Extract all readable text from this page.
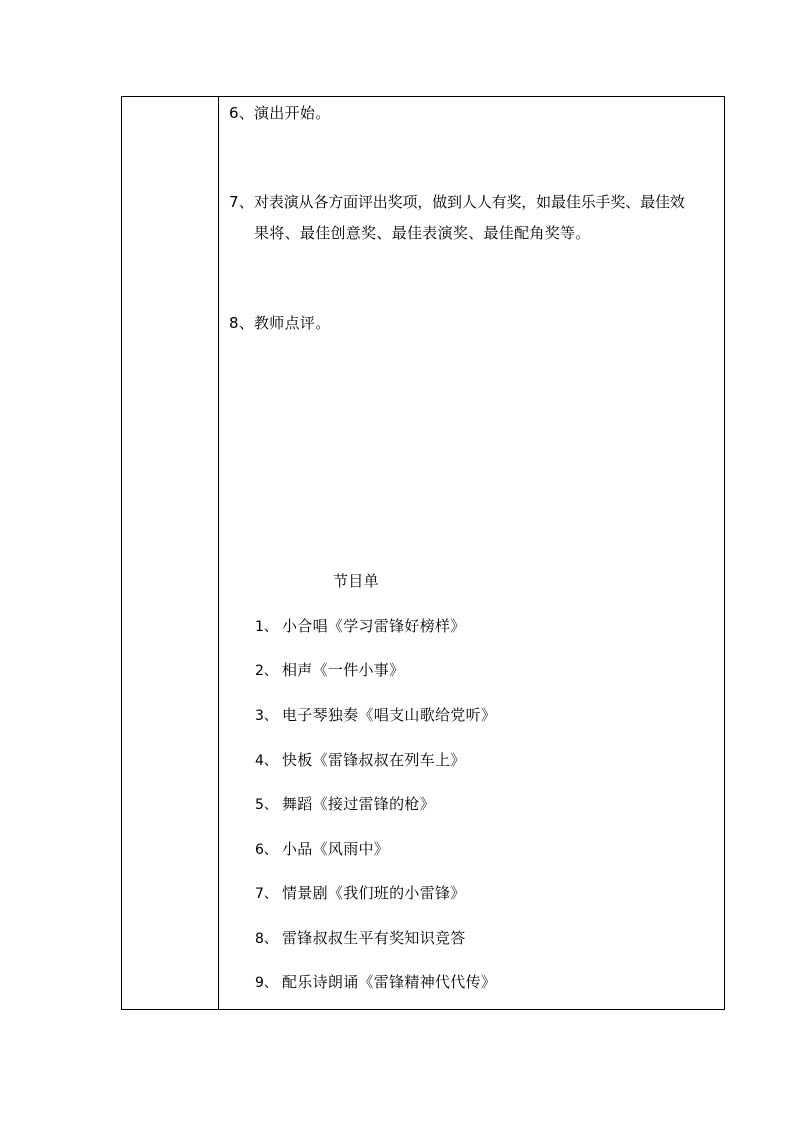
6、 演出开始。
7、 对表演从各方面评出奖项，做到人人有奖，如最佳乐手奖、最佳效
果将、最佳创意奖、最佳表演奖、最佳配角奖等。
8、 教师点评。
节目单
1、 小合唱《学习雷锋好榜样》
2、 相声《一件小事》
3、 电子琴独奏《唱支山歌给党听》
4、 快板《雷锋叔叔在列车上》
5、 舞蹈《接过雷锋的枪》
6、 小品《风雨中》
7、 情景剧《我们班的小雷锋》
8、 雷锋叔叔生平有奖知识竞答
9、 配乐诗朗诵《雷锋精神代代传》
